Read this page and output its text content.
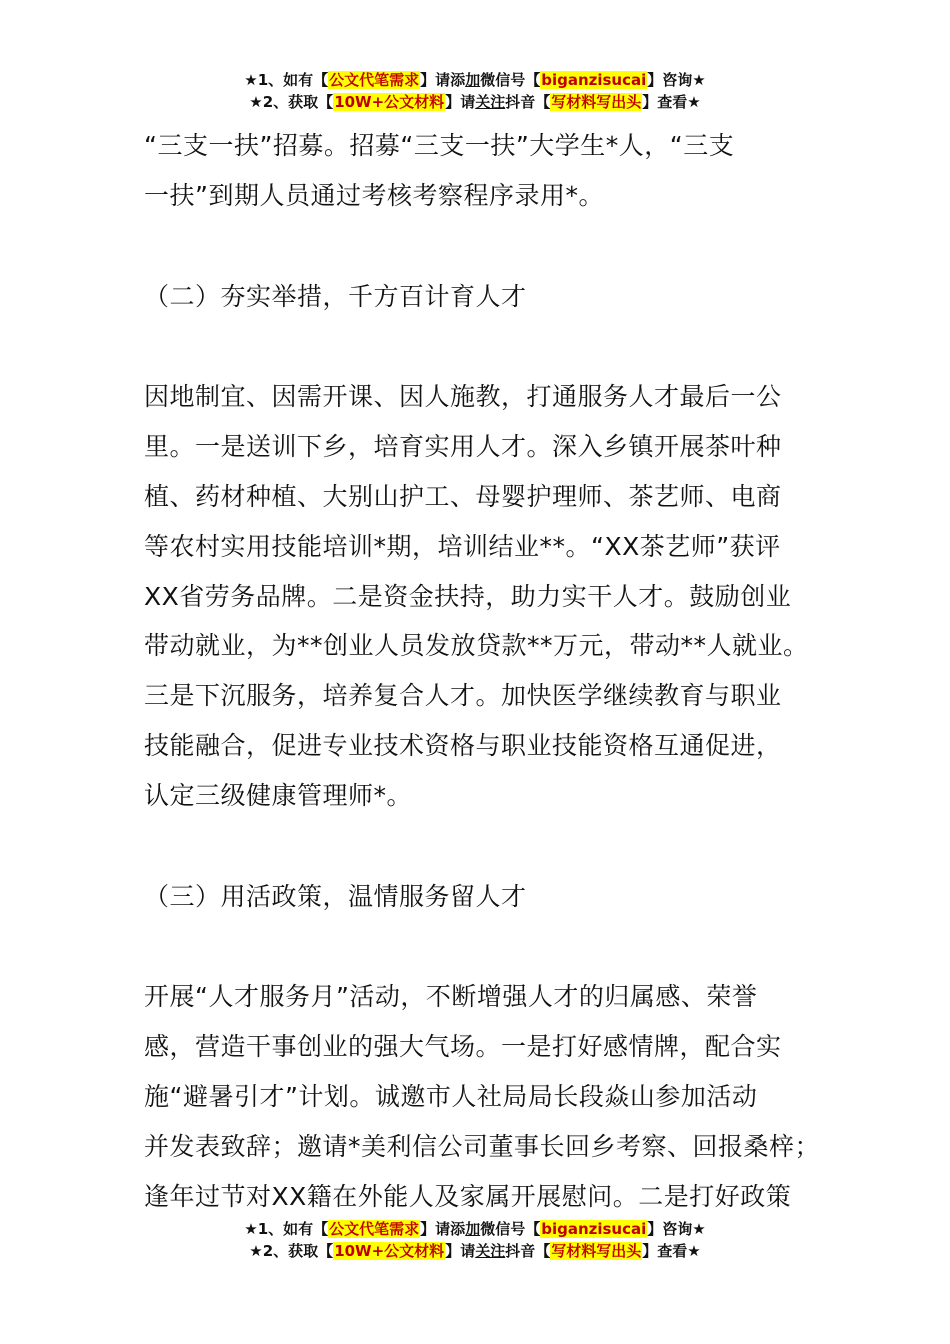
★1、如有【公文代笔需求】请添加微信号【biganzisucai】咨询★
★2、获取【10W+公文材料】请关注抖音【写材料写出头】查看★

“三支一扶”招募。招募“三支一扶”大学生*人，“三支

一扶”到期人员通过考核考察程序录用*。

（二）夯实举措，千方百计育人才

因地制宜、因需开课、因人施教，打通服务人才最后一公

里。一是送训下乡，培育实用人才。深入乡镇开展茶叶种

植、药材种植、大别山护工、母婴护理师、茶艺师、电商

等农村实用技能培训*期，培训结业**。“XX茶艺师”获评

XX省劳务品牌。二是资金扶持，助力实干人才。鼓励创业

带动就业，为**创业人员发放贷款**万元，带动**人就业。

三是下沉服务，培养复合人才。加快医学继续教育与职业

技能融合，促进专业技术资格与职业技能资格互通促进，

认定三级健康管理师*。

（三）用活政策，温情服务留人才

开展“人才服务月”活动，不断增强人才的归属感、荣誉

感，营造干事创业的强大气场。一是打好感情牌，配合实

施“避暑引才”计划。诚邀市人社局局长段焱山参加活动

并发表致辞；邀请*美利信公司董事长回乡考察、回报桑梓；

逢年过节对XX籍在外能人及家属开展慰问。二是打好政策

★1、如有【公文代笔需求】请添加微信号【biganzisucai】咨询★
★2、获取【10W+公文材料】请关注抖音【写材料写出头】查看★
